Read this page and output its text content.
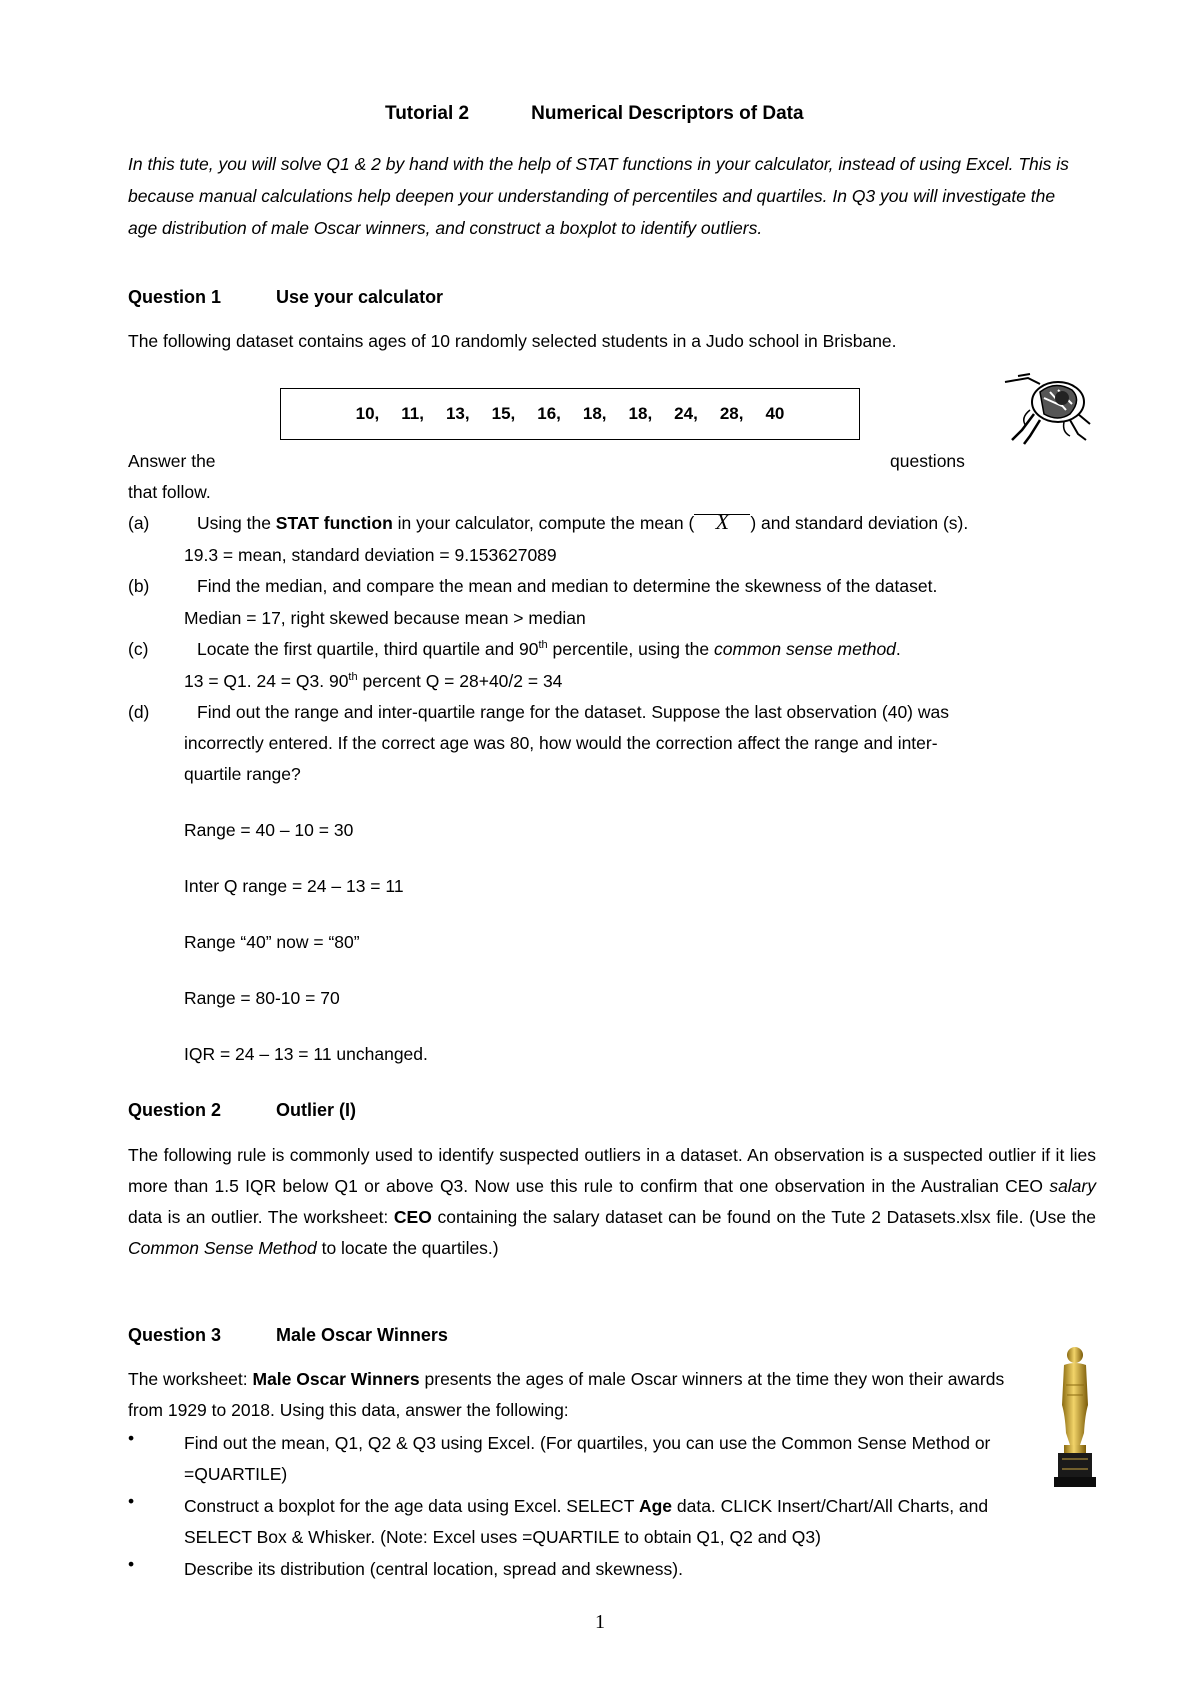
Tutorial 2	Numerical Descriptors of Data
In this tute, you will solve Q1 & 2 by hand with the help of STAT functions in your calculator, instead of using Excel. This is because manual calculations help deepen your understanding of percentiles and quartiles. In Q3 you will investigate the age distribution of male Oscar winners, and construct a boxplot to identify outliers.
Question 1	Use your calculator
The following dataset contains ages of 10 randomly selected students in a Judo school in Brisbane.
10, 11, 13, 15, 16, 18, 18, 24, 28, 40
Answer the	questions
that follow.
(a)	Using the STAT function in your calculator, compute the mean ( X ) and standard deviation (s).
19.3 = mean, standard deviation = 9.153627089
(b)	Find the median, and compare the mean and median to determine the skewness of the dataset.
Median = 17, right skewed because mean > median
(c)	Locate the first quartile, third quartile and 90th percentile, using the common sense method.
13 = Q1. 24 = Q3. 90th percent Q = 28+40/2 = 34
(d)	Find out the range and inter-quartile range for the dataset. Suppose the last observation (40) was
incorrectly entered. If the correct age was 80, how would the correction affect the range and inter-
quartile range?
Range = 40 – 10 = 30
Inter Q range = 24 – 13 = 11
Range “40” now = “80”
Range = 80-10 = 70
IQR = 24 – 13 = 11 unchanged.
Question 2	Outlier (I)
The following rule is commonly used to identify suspected outliers in a dataset. An observation is a suspected outlier if it lies more than 1.5 IQR below Q1 or above Q3. Now use this rule to confirm that one observation in the Australian CEO salary data is an outlier. The worksheet: CEO containing the salary dataset can be found on the Tute 2 Datasets.xlsx file. (Use the Common Sense Method to locate the quartiles.)
Question 3	Male Oscar Winners
The worksheet: Male Oscar Winners presents the ages of male Oscar winners at the time they won their awards from 1929 to 2018. Using this data, answer the following:
•	Find out the mean, Q1, Q2 & Q3 using Excel. (For quartiles, you can use the Common Sense Method or =QUARTILE)
•	Construct a boxplot for the age data using Excel. SELECT Age data. CLICK Insert/Chart/All Charts, and SELECT Box & Whisker. (Note: Excel uses =QUARTILE to obtain Q1, Q2 and Q3)
•	Describe its distribution (central location, spread and skewness).
1
